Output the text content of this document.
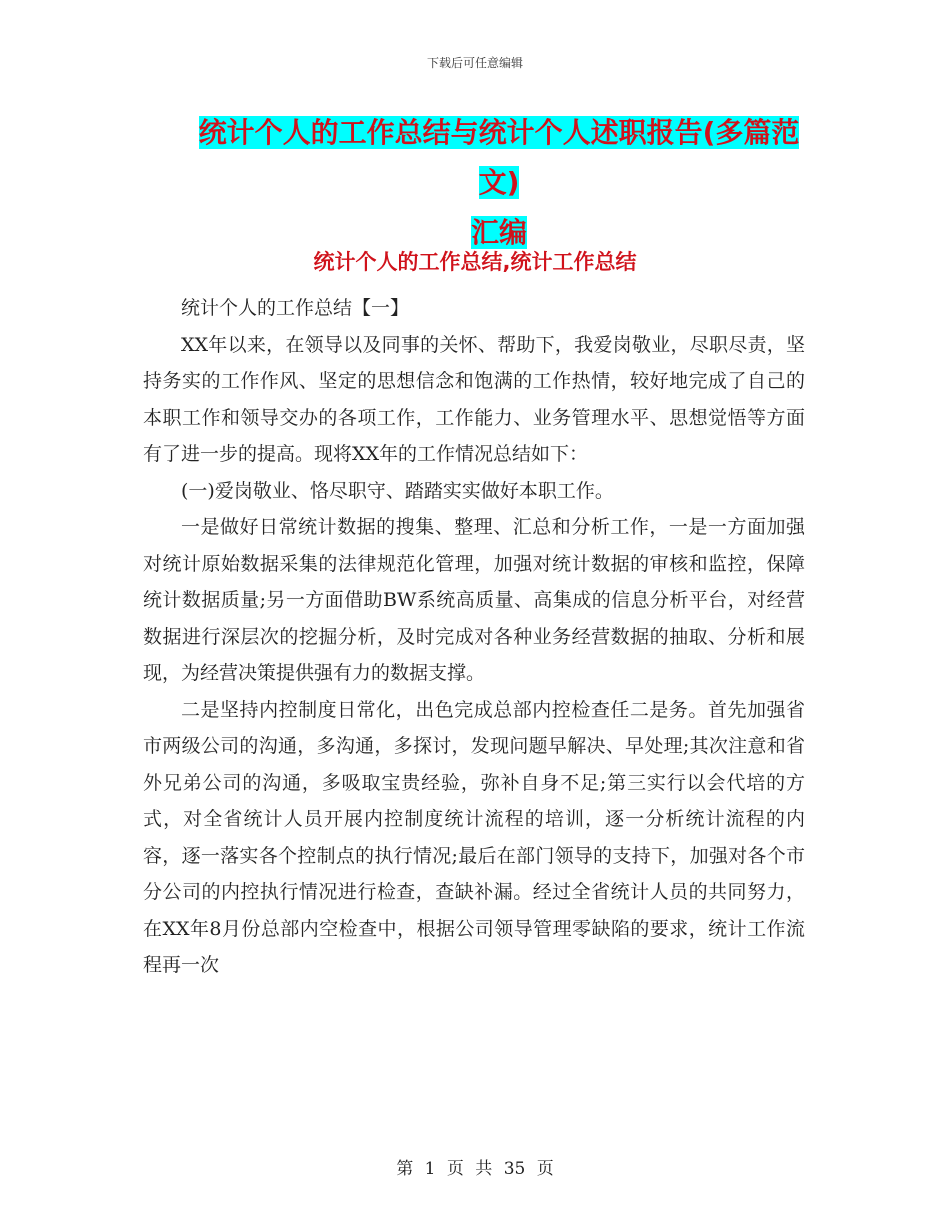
下载后可任意编辑
统计个人的工作总结与统计个人述职报告(多篇范文)
汇编
统计个人的工作总结,统计工作总结

统计个人的工作总结【一】

XX年以来，在领导以及同事的关怀、帮助下，我爱岗敬业，尽职尽责，坚持务实的工作作风、坚定的思想信念和饱满的工作热情，较好地完成了自己的本职工作和领导交办的各项工作，工作能力、业务管理水平、思想觉悟等方面有了进一步的提高。现将XX年的工作情况总结如下：

(一)爱岗敬业、恪尽职守、踏踏实实做好本职工作。

一是做好日常统计数据的搜集、整理、汇总和分析工作，一是一方面加强对统计原始数据采集的法律规范化管理，加强对统计数据的审核和监控，保障统计数据质量;另一方面借助BW系统高质量、高集成的信息分析平台，对经营数据进行深层次的挖掘分析，及时完成对各种业务经营数据的抽取、分析和展现，为经营决策提供强有力的数据支撑。

二是坚持内控制度日常化，出色完成总部内控检查任二是务。首先加强省市两级公司的沟通，多沟通，多探讨，发现问题早解决、早处理;其次注意和省外兄弟公司的沟通，多吸取宝贵经验，弥补自身不足;第三实行以会代培的方式，对全省统计人员开展内控制度统计流程的培训，逐一分析统计流程的内容，逐一落实各个控制点的执行情况;最后在部门领导的支持下，加强对各个市分公司的内控执行情况进行检查，查缺补漏。经过全省统计人员的共同努力，在XX年8月份总部内空检查中，根据公司领导管理零缺陷的要求，统计工作流程再一次

第 1 页 共 35 页
